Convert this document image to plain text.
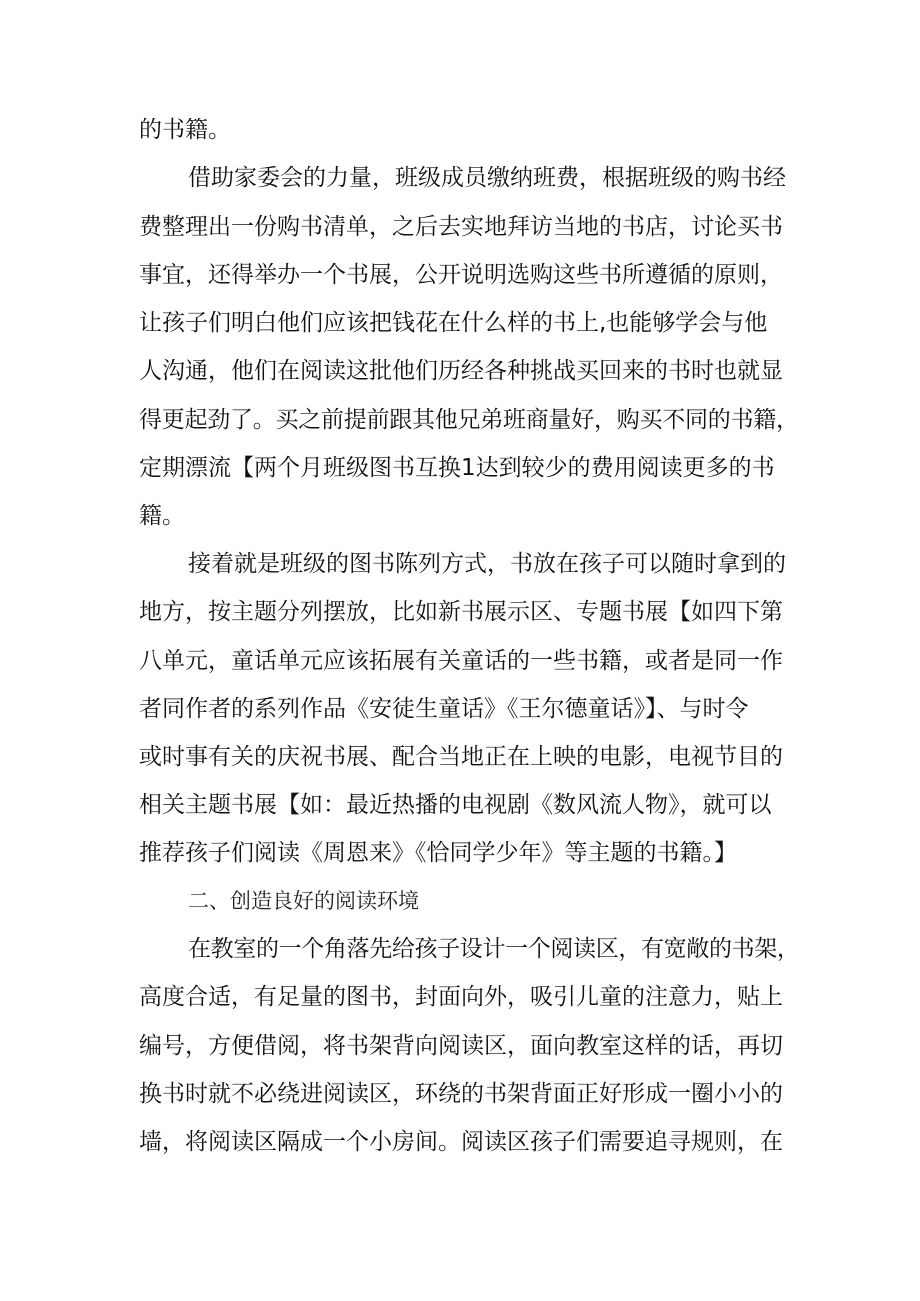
的书籍。
借助家委会的力量，班级成员缴纳班费，根据班级的购书经
费整理出一份购书清单，之后去实地拜访当地的书店，讨论买书
事宜，还得举办一个书展，公开说明选购这些书所遵循的原则，
让孩子们明白他们应该把钱花在什么样的书上,也能够学会与他
人沟通，他们在阅读这批他们历经各种挑战买回来的书时也就显
得更起劲了。买之前提前跟其他兄弟班商量好，购买不同的书籍，
定期漂流【两个月班级图书互换1达到较少的费用阅读更多的书
籍。
接着就是班级的图书陈列方式，书放在孩子可以随时拿到的
地方，按主题分列摆放，比如新书展示区、专题书展【如四下第
八单元，童话单元应该拓展有关童话的一些书籍，或者是同一作
者同作者的系列作品《安徒生童话》《王尔德童话》】、与时令
或时事有关的庆祝书展、配合当地正在上映的电影，电视节目的
相关主题书展【如：最近热播的电视剧《数风流人物》，就可以
推荐孩子们阅读《周恩来》《恰同学少年》等主题的书籍。】
二、创造良好的阅读环境
在教室的一个角落先给孩子设计一个阅读区，有宽敞的书架，
高度合适，有足量的图书，封面向外，吸引儿童的注意力，贴上
编号，方便借阅，将书架背向阅读区，面向教室这样的话，再切
换书时就不必绕进阅读区，环绕的书架背面正好形成一圈小小的
墙，将阅读区隔成一个小房间。阅读区孩子们需要追寻规则，在
